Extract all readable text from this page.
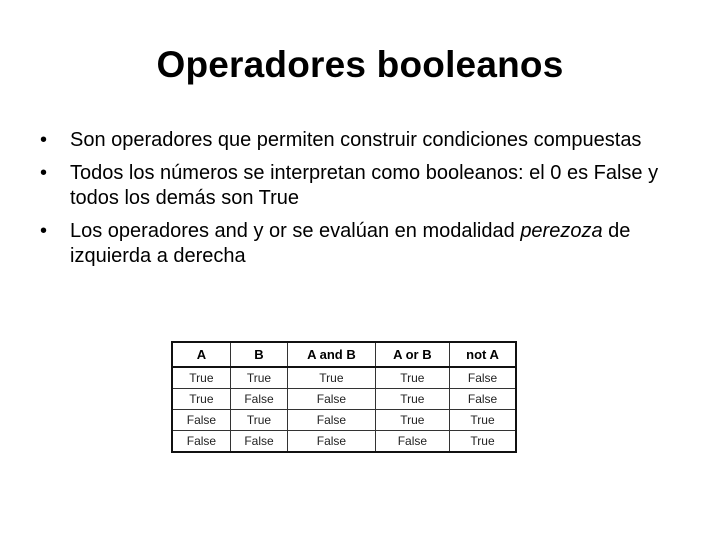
Operadores booleanos
• Son operadores que permiten construir condiciones compuestas
• Todos los números se interpretan como booleanos: el 0 es False y todos los demás son True
• Los operadores and y or se evalúan en modalidad perezoza de izquierda a derecha
A	B	A and B	A or B	not A
True	True	True	True	False
True	False	False	True	False
False	True	False	True	True
False	False	False	False	True
